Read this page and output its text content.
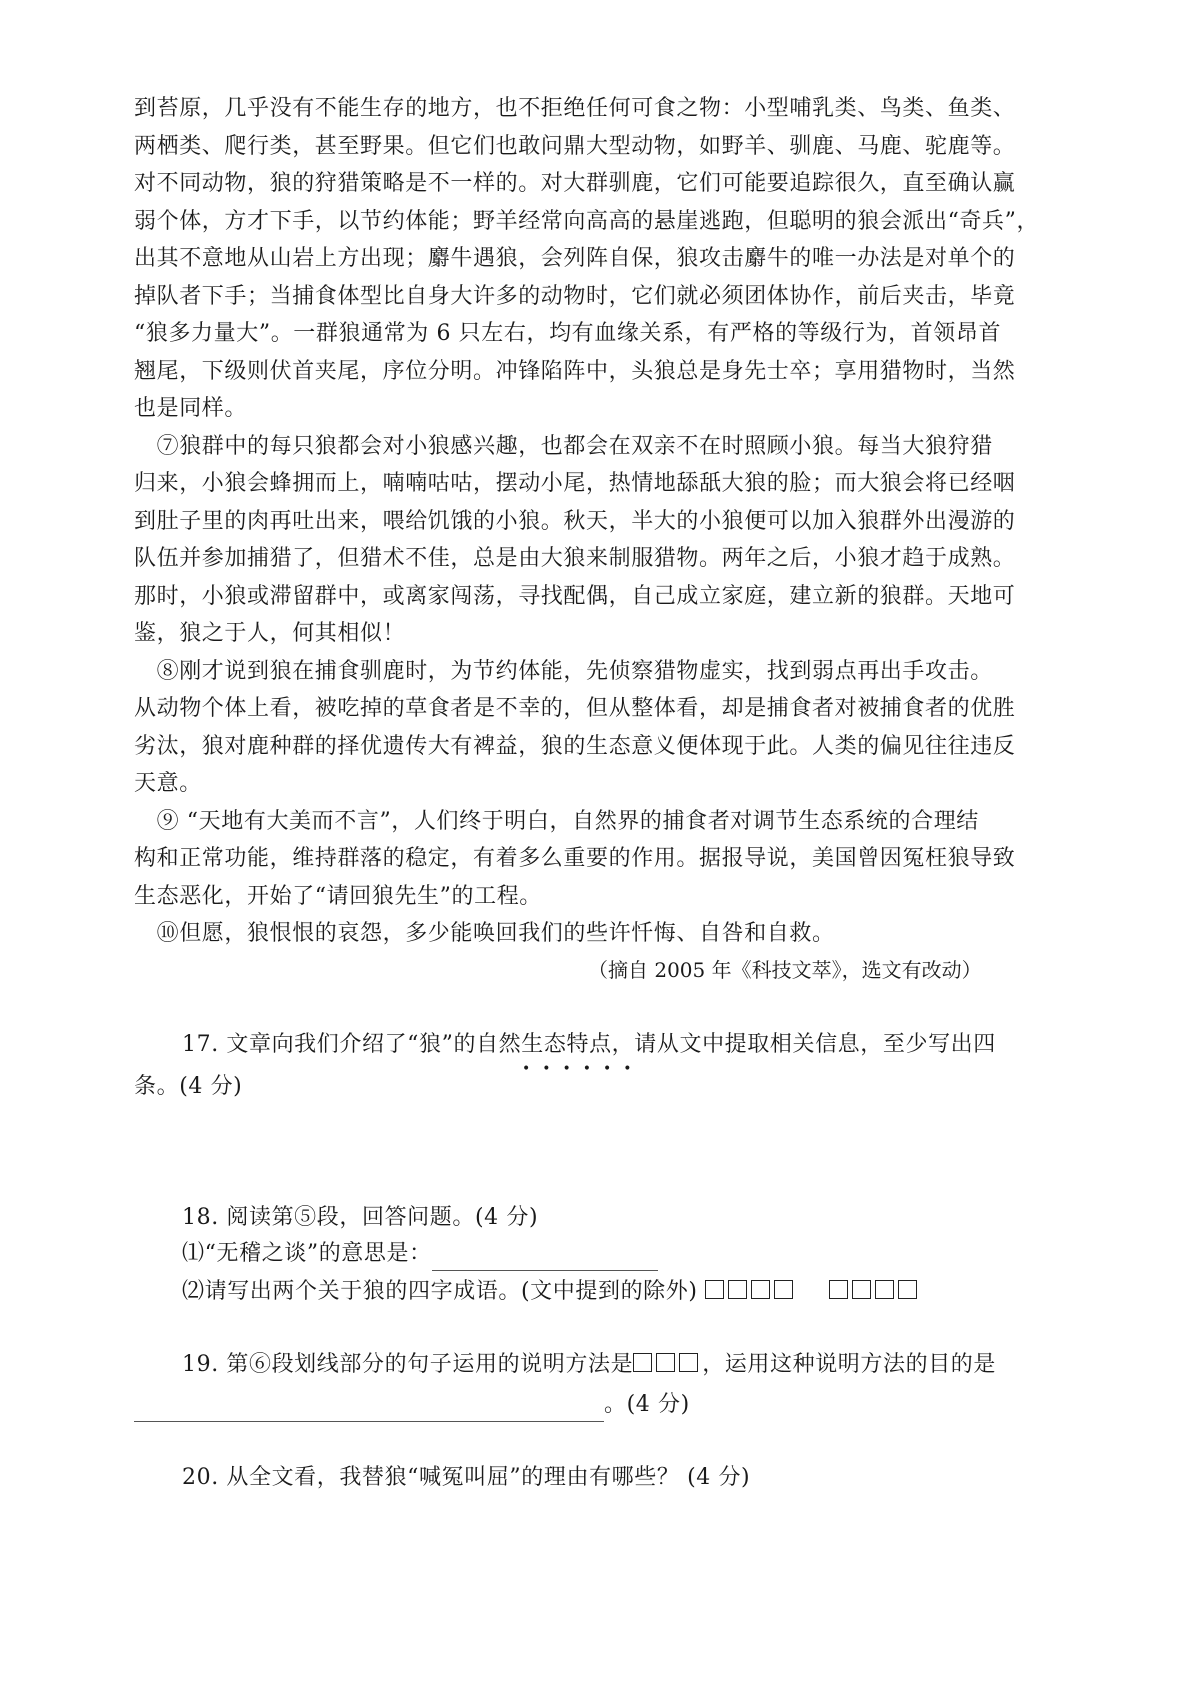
到苔原，几乎没有不能生存的地方，也不拒绝任何可食之物：小型哺乳类、鸟类、鱼类、
两栖类、爬行类，甚至野果。但它们也敢问鼎大型动物，如野羊、驯鹿、马鹿、驼鹿等。
对不同动物，狼的狩猎策略是不一样的。对大群驯鹿，它们可能要追踪很久，直至确认赢
弱个体，方才下手，以节约体能；野羊经常向高高的悬崖逃跑，但聪明的狼会派出“奇兵”，
出其不意地从山岩上方出现；麝牛遇狼，会列阵自保，狼攻击麝牛的唯一办法是对单个的
掉队者下手；当捕食体型比自身大许多的动物时，它们就必须团体协作，前后夹击，毕竟
“狼多力量大”。一群狼通常为 6 只左右，均有血缘关系，有严格的等级行为，首领昂首
翘尾，下级则伏首夹尾，序位分明。冲锋陷阵中，头狼总是身先士卒；享用猎物时，当然
也是同样。
　⑦狼群中的每只狼都会对小狼感兴趣，也都会在双亲不在时照顾小狼。每当大狼狩猎
归来，小狼会蜂拥而上，喃喃咕咕，摆动小尾，热情地舔舐大狼的脸；而大狼会将已经咽
到肚子里的肉再吐出来，喂给饥饿的小狼。秋天，半大的小狼便可以加入狼群外出漫游的
队伍并参加捕猎了，但猎术不佳，总是由大狼来制服猎物。两年之后，小狼才趋于成熟。
那时，小狼或滞留群中，或离家闯荡，寻找配偶，自己成立家庭，建立新的狼群。天地可
鉴，狼之于人，何其相似！
　⑧刚才说到狼在捕食驯鹿时，为节约体能，先侦察猎物虚实，找到弱点再出手攻击。
从动物个体上看，被吃掉的草食者是不幸的，但从整体看，却是捕食者对被捕食者的优胜
劣汰，狼对鹿种群的择优遗传大有裨益，狼的生态意义便体现于此。人类的偏见往往违反
天意。
　⑨ “天地有大美而不言”，人们终于明白，自然界的捕食者对调节生态系统的合理结
构和正常功能，维持群落的稳定，有着多么重要的作用。据报导说，美国曾因冤枉狼导致
生态恶化，开始了“请回狼先生”的工程。
　⑩但愿，狼恨恨的哀怨，多少能唤回我们的些许忏悔、自咎和自救。
（摘自 2005 年《科技文萃》，选文有改动）
17. 文章向我们介绍了“狼”的自然生态特点，请从文中提取相关信息，至少写出四
••••••
条。(4 分)
18. 阅读第⑤段，回答问题。(4 分)
⑴“无稽之谈”的意思是：
⑵请写出两个关于狼的四字成语。(文中提到的除外)
19. 第⑥段划线部分的句子运用的说明方法是	，运用这种说明方法的目的是
。(4 分)
20. 从全文看，我替狼“喊冤叫屈”的理由有哪些？ (4 分)
